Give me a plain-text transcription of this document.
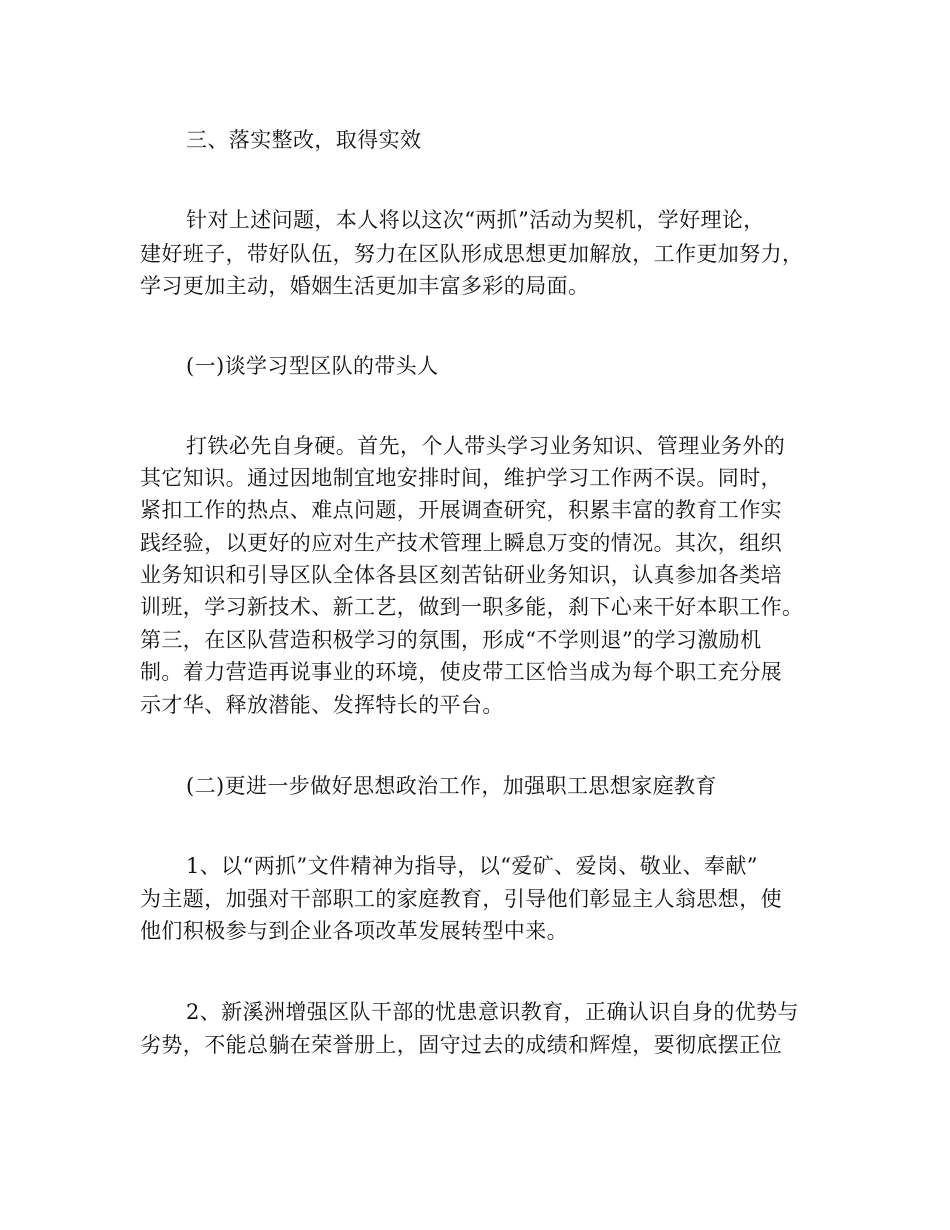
三、落实整改，取得实效
针对上述问题，本人将以这次“两抓”活动为契机，学好理论，
建好班子，带好队伍，努力在区队形成思想更加解放，工作更加努力，
学习更加主动，婚姻生活更加丰富多彩的局面。
(一)谈学习型区队的带头人
打铁必先自身硬。首先，个人带头学习业务知识、管理业务外的
其它知识。通过因地制宜地安排时间，维护学习工作两不误。同时，
紧扣工作的热点、难点问题，开展调查研究，积累丰富的教育工作实
践经验，以更好的应对生产技术管理上瞬息万变的情况。其次，组织
业务知识和引导区队全体各县区刻苦钻研业务知识，认真参加各类培
训班，学习新技术、新工艺，做到一职多能，刹下心来干好本职工作。
第三，在区队营造积极学习的氛围，形成“不学则退”的学习激励机
制。着力营造再说事业的环境，使皮带工区恰当成为每个职工充分展
示才华、释放潜能、发挥特长的平台。
(二)更进一步做好思想政治工作，加强职工思想家庭教育
1、以“两抓”文件精神为指导，以“爱矿、爱岗、敬业、奉献”
为主题，加强对干部职工的家庭教育，引导他们彰显主人翁思想，使
他们积极参与到企业各项改革发展转型中来。
2、新溪洲增强区队干部的忧患意识教育，正确认识自身的优势与
劣势，不能总躺在荣誉册上，固守过去的成绩和辉煌，要彻底摆正位
